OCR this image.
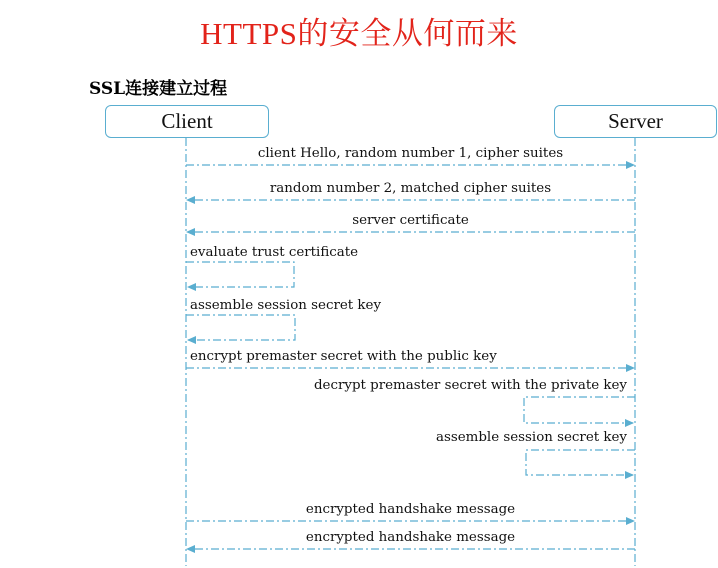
HTTPS的安全从何而来
SSL连接建立过程
Client	Server
client Hello, random number 1, cipher suites
random number 2, matched cipher suites
server certificate
evaluate trust certificate
assemble session secret key
encrypt premaster secret with the public key
decrypt premaster secret with the private key
assemble session secret key
encrypted handshake message
encrypted handshake message
